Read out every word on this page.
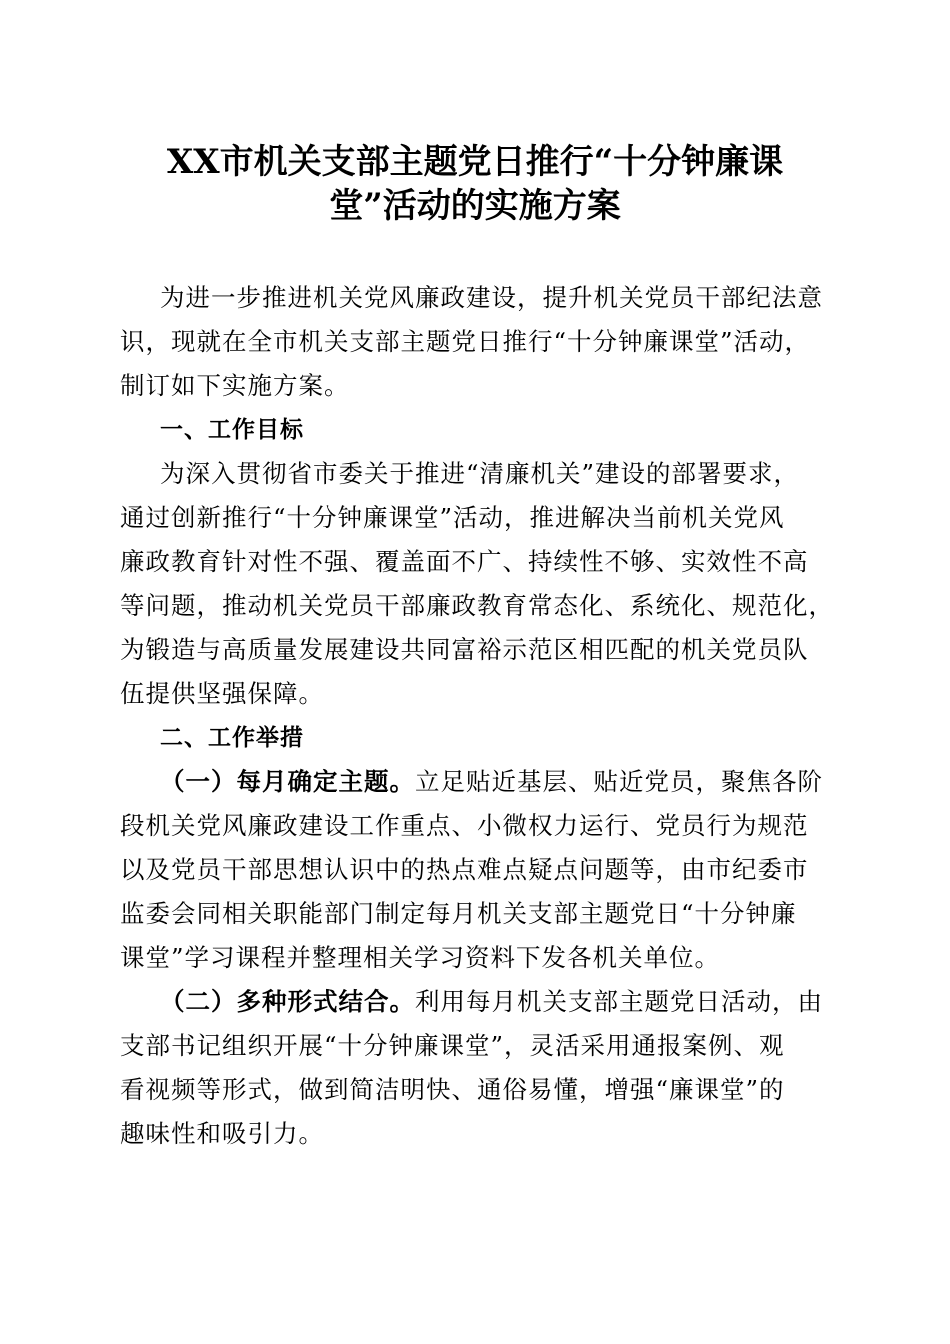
XX市机关支部主题党日推行“十分钟廉课
堂”活动的实施方案
为进一步推进机关党风廉政建设，提升机关党员干部纪法意
识，现就在全市机关支部主题党日推行“十分钟廉课堂”活动，
制订如下实施方案。
一、工作目标
为深入贯彻省市委关于推进“清廉机关”建设的部署要求，
通过创新推行“十分钟廉课堂”活动，推进解决当前机关党风
廉政教育针对性不强、覆盖面不广、持续性不够、实效性不高
等问题，推动机关党员干部廉政教育常态化、系统化、规范化，
为锻造与高质量发展建设共同富裕示范区相匹配的机关党员队
伍提供坚强保障。
二、工作举措
（一）每月确定主题。立足贴近基层、贴近党员，聚焦各阶
段机关党风廉政建设工作重点、小微权力运行、党员行为规范
以及党员干部思想认识中的热点难点疑点问题等，由市纪委市
监委会同相关职能部门制定每月机关支部主题党日“十分钟廉
课堂”学习课程并整理相关学习资料下发各机关单位。
（二）多种形式结合。利用每月机关支部主题党日活动，由
支部书记组织开展“十分钟廉课堂”，灵活采用通报案例、观
看视频等形式，做到简洁明快、通俗易懂，增强“廉课堂”的
趣味性和吸引力。
